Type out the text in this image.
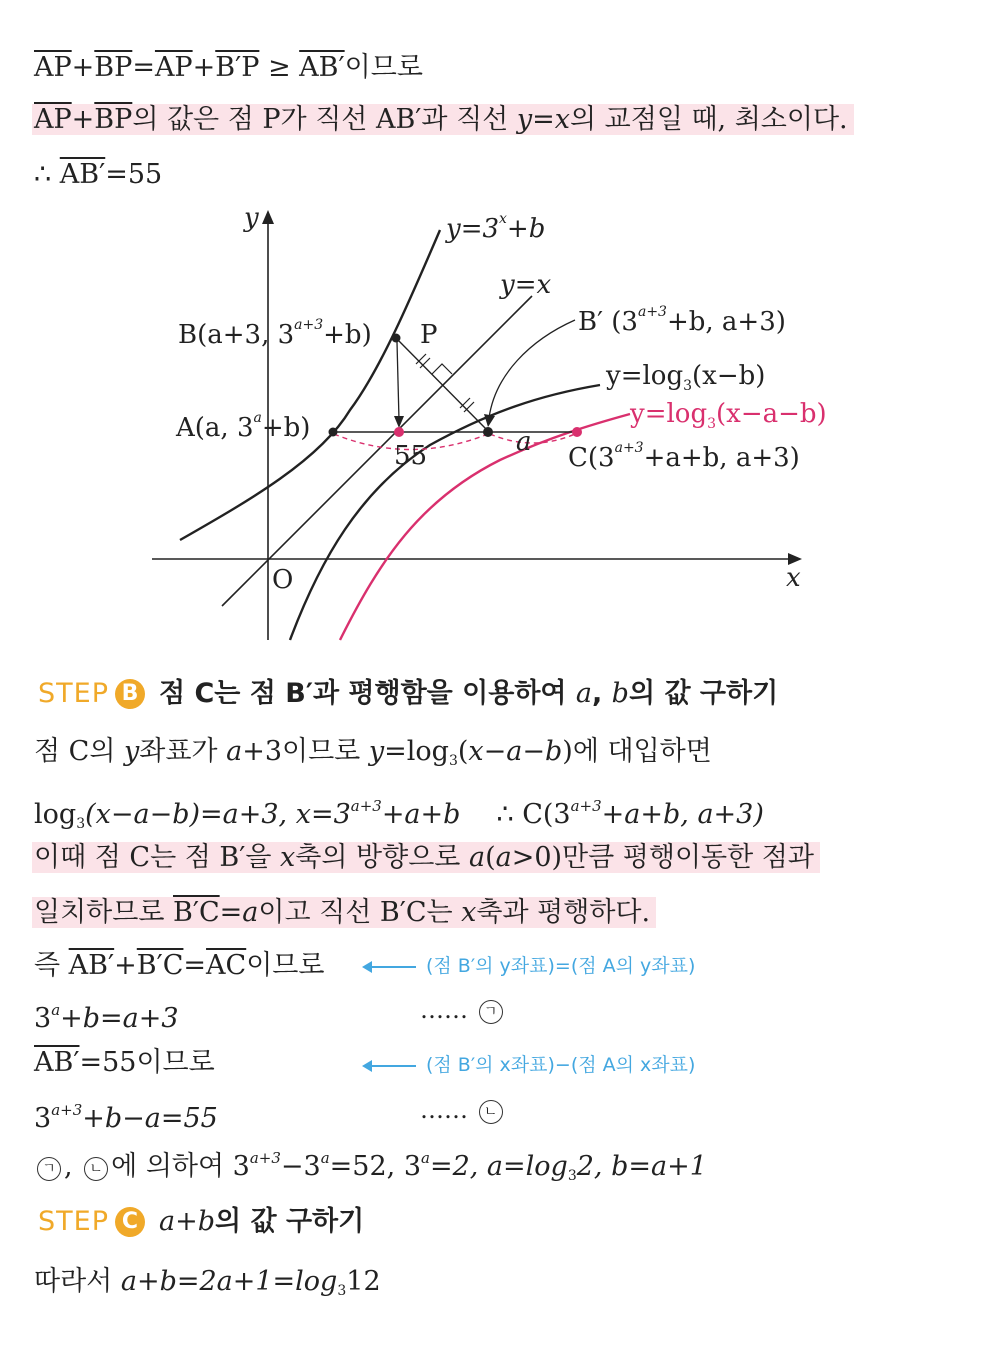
$\overline{AP}+\overline{BP}=\overline{AP}+B'P \ge AB'$이므로
$\overline{AP}+\overline{BP}$의 값은 점 P가 직선 AB′과 직선 y=x의 교점일 때, 최소이다.
∴ AB′=55
y
x
O
$y=3^x+b$
y=x
B(a+3, $3^{a+3}+b$) P	B′ ($3^{a+3}+b$, a+3)
$y=\log_3(x-b)$
$y=\log_3(x-a-b)$
A(a, $3^a+b$)
$C(3^{a+3}+a+b$, a+3)
55	a
STEP B 점 C는 점 B′과 평행함을 이용하여 a, b의 값 구하기
점 C의 y좌표가 a+3이므로 y=log3(x−a−b)에 대입하면
log3(x−a−b)=a+3, $x=3^{a+3}+a+b$ ∴ $C(3^{a+3}+a+b$, a+3)
이때 점 C는 점 B′을 x축의 방향으로 a(a>0)만큼 평행이동한 점과
일치하므로 B′C=a이고 직선 B′C는 x축과 평행하다.
즉 $AB'+B'C=\overline{AC}$이므로	(점 B′의 y좌표)=(점 A의 y좌표)
$3^a+b=a+3$	…… ㄱ
AB′=55이므로	(점 B′의 x좌표)−(점 A의 x좌표)
$3^{a+3}+b-a=55$	…… ㄴ
ㄱ , ㄴ 에 의하여 $3^{a+3}-3^a=52$, $3^a=2$, a=log32, b=a+1
STEP C a+b의 값 구하기
따라서 a+b=2a+1=log312
